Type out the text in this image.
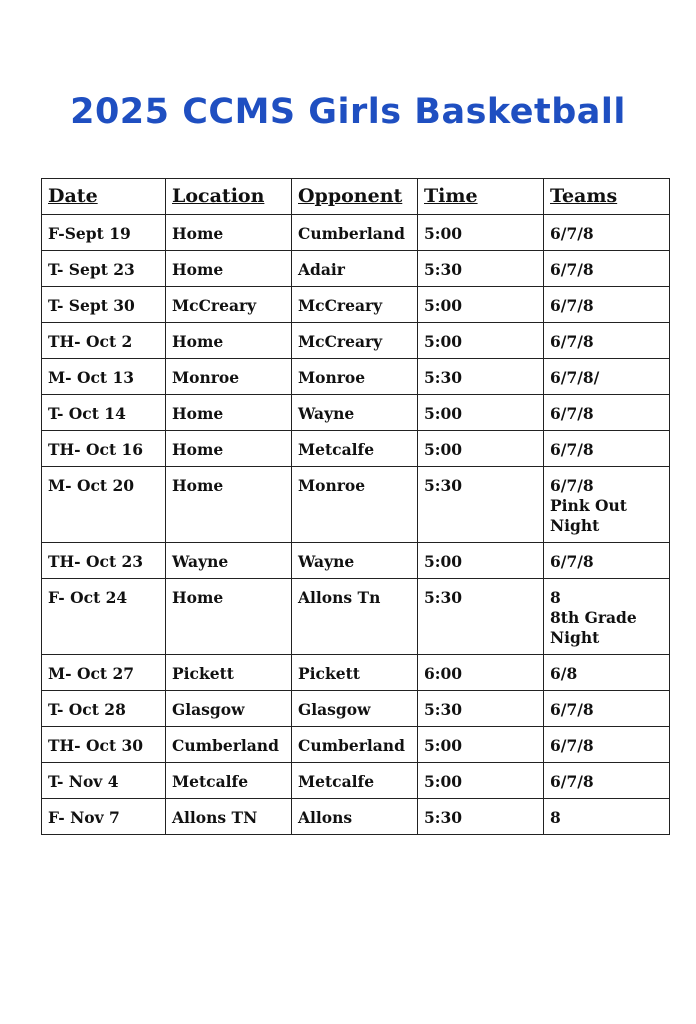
2025 CCMS Girls Basketball
Date	Location	Opponent	Time	Teams

F-Sept 19	Home	Cumberland	5:00	6/7/8

T- Sept 23	Home	Adair	5:30	6/7/8

T- Sept 30	McCreary	McCreary	5:00	6/7/8

TH- Oct 2	Home	McCreary	5:00	6/7/8

M- Oct 13	Monroe	Monroe	5:30	6/7/8/

T- Oct 14	Home	Wayne	5:00	6/7/8

TH- Oct 16	Home	Metcalfe	5:00	6/7/8

M- Oct 20	Home	Monroe	5:30	6/7/8
Pink Out
Night

TH- Oct 23	Wayne	Wayne	5:00	6/7/8

F- Oct 24	Home	Allons Tn	5:30	8
8th Grade
Night

M- Oct 27	Pickett	Pickett	6:00	6/8

T- Oct 28	Glasgow	Glasgow	5:30	6/7/8

TH- Oct 30	Cumberland	Cumberland	5:00	6/7/8

T- Nov 4	Metcalfe	Metcalfe	5:00	6/7/8

F- Nov 7	Allons TN	Allons	5:30	8
